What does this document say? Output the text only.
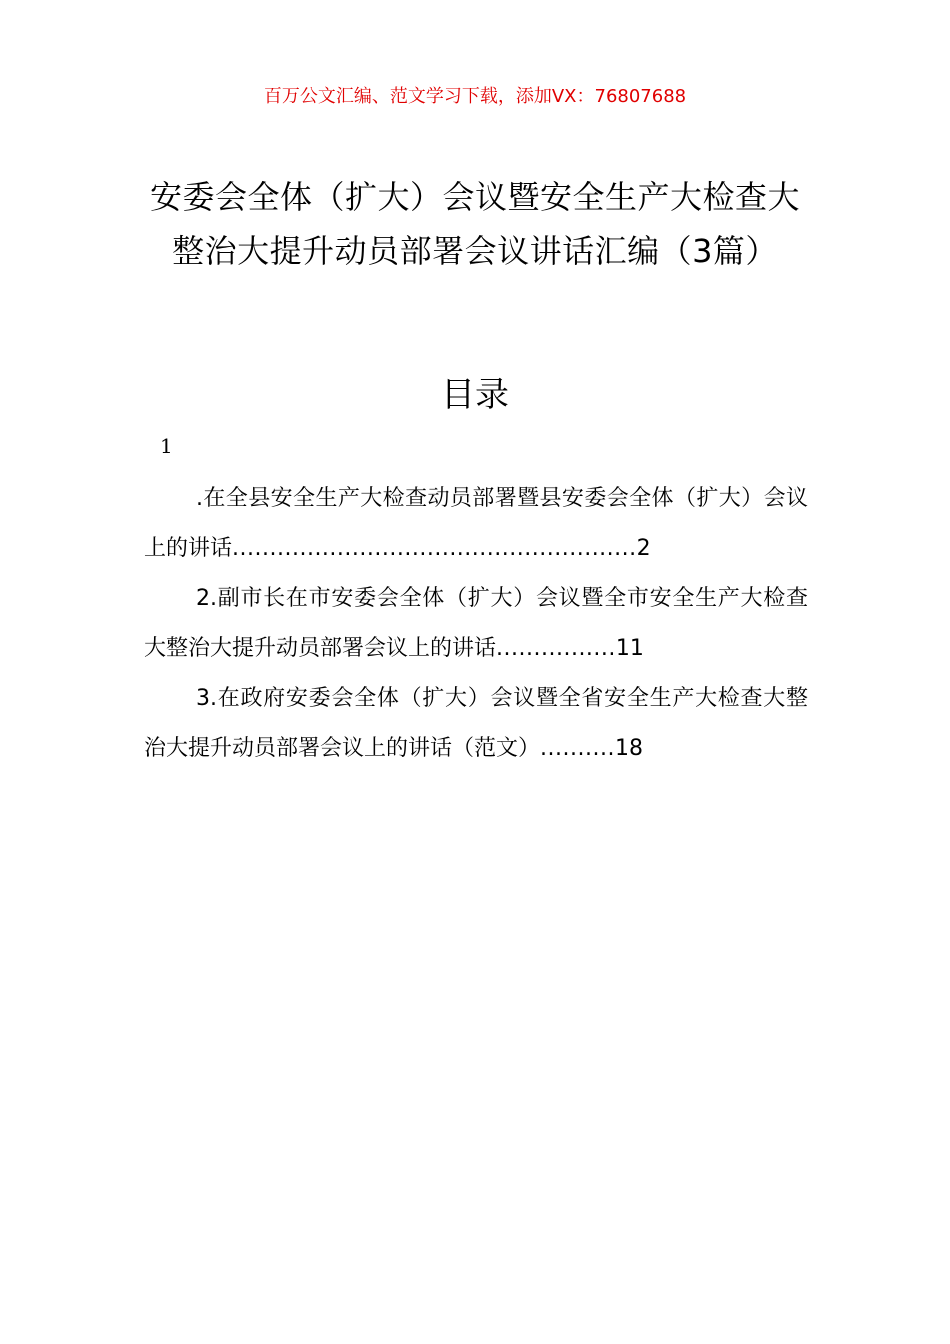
百万公文汇编、范文学习下载，添加VX：76807688
安委会全体（扩大）会议暨安全生产大检查大整治大提升动员部署会议讲话汇编（3篇）
目录
1
.在全县安全生产大检查动员部署暨县安委会全体（扩大）会议上的讲话......................................................2
2.副市长在市安委会全体（扩大）会议暨全市安全生产大检查大整治大提升动员部署会议上的讲话................11
3.在政府安委会全体（扩大）会议暨全省安全生产大检查大整治大提升动员部署会议上的讲话（范文）..........18
